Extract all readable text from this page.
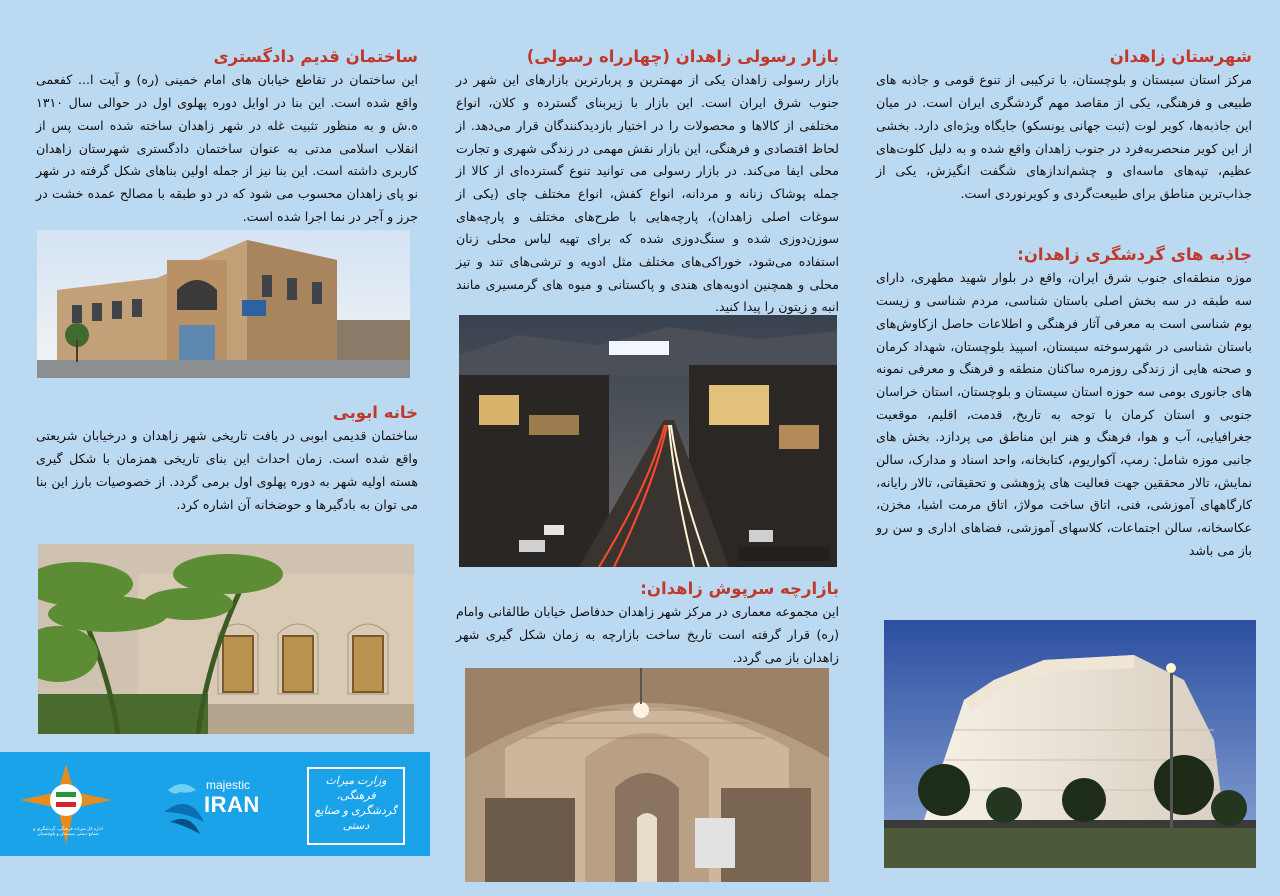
شهرستان زاهدان

مرکز استان سیستان و بلوچستان، با ترکیبی از تنوع قومی و جاذبه های طبیعی و فرهنگی، یکی از مقاصد مهم گردشگری ایران است. در میان این جاذبه‌ها، کویر لوت (ثبت جهانی یونسکو) جایگاه ویژه‌ای دارد. بخشی از این کویر منحصربه‌فرد در جنوب زاهدان واقع شده و به دلیل کلوت‌های عظیم، تپه‌های ماسه‌ای و چشم‌اندازهای شگفت انگیزش، یکی از جذاب‌ترین مناطق برای طبیعت‌گردی و کویرنوردی است.

جاذبه های گردشگری زاهدان:

موزه منطقه‌ای جنوب شرق ایران، واقع در بلوار شهید مطهری، دارای سه طبقه در سه بخش اصلی باستان شناسی، مردم شناسی و زیست بوم شناسی است به معرفی آثار فرهنگی و اطلاعات حاصل ازکاوش‌های باستان شناسی در شهرسوخته سیستان، اسپیذ بلوچستان، شهداد کرمان و صحنه هایی از زندگی روزمره ساکنان منطقه و فرهنگ و معرفی نمونه های جانوری بومی سه حوزه استان سیستان و بلوچستان، استان خراسان جنوبی و استان کرمان با توجه به تاریخ، قدمت، اقلیم، موقعیت جغرافیایی، آب و هوا، فرهنگ و هنر این مناطق می پردازد. بخش های جانبی موزه شامل: رمپ، آکواریوم، کتابخانه، واحد اسناد و مدارک، سالن نمایش، تالار محققین جهت فعالیت های پژوهشی و تحقیقاتی، تالار رایانه، کارگاههای آموزشی، فنی، اتاق ساخت مولاژ، اتاق مرمت اشیا، مخزن، عکاسخانه، سالن اجتماعات، کلاسهای آموزشی، فضاهای اداری و سن رو باز می باشد

بازار رسولی زاهدان (چهارراه رسولی)

بازار رسولی زاهدان یکی از مهمترین و پربارترین بازارهای این شهر در جنوب شرق ایران است. این بازار با زیربنای گسترده و کلان، انواع مختلفی از کالاها و محصولات را در اختیار بازدیدکنندگان قرار می‌دهد. از لحاظ اقتصادی و فرهنگی، این بازار نقش مهمی در زندگی شهری و تجارت محلی ایفا می‌کند. در بازار رسولی می توانید تنوع گسترده‌ای از کالا از جمله پوشاک زنانه و مردانه، انواع کفش، انواع مختلف چای (یکی از سوغات اصلی زاهدان)، پارچه‌هایی با طرح‌های مختلف و پارچه‌های سوزن‌دوزی شده و سنگ‌دوزی شده که برای تهیه لباس محلی زنان استفاده می‌شود، خوراکی‌های مختلف مثل ادویه و ترشی‌های تند و تیز محلی و همچنین ادویه‌های هندی و پاکستانی و میوه های گرمسیری مانند انبه و زیتون را پیدا کنید.

بازارچه سرپوش زاهدان:

این مجموعه معماری در مرکز شهر زاهدان حدفاصل خیابان طالقانی وامام (ره) قرار گرفته است تاریخ ساخت بازارچه به زمان شکل گیری شهر زاهدان باز می گردد.

ساختمان قدیم دادگستری

این ساختمان در تقاطع خیابان های امام خمینی (ره) و آیت ا... کفعمی واقع شده است. این بنا در اوایل دوره پهلوی اول در حوالی سال ۱۳۱۰ ه.ش و به منظور تثبیت غله در شهر زاهدان ساخته شده است پس از انقلاب اسلامی مدتی به عنوان ساختمان دادگستری شهرستان زاهدان کاربری داشته است. این بنا نیز از جمله اولین بناهای شکل گرفته در شهر نو پای زاهدان محسوب می شود که در دو طبقه با مصالح عمده خشت در جرز و آجر در نما اجرا شده است.

خانه ابوبی

ساختمان قدیمی ابوبی در بافت تاریخی شهر زاهدان و درخیابان شریعتی واقع شده است. زمان احداث این بنای تاریخی همزمان با شکل گیری هسته اولیه شهر به دوره پهلوی اول برمی گردد. از خصوصیات بارز این بنا می توان به بادگیرها و حوضخانه آن اشاره کرد.

اداره کل میراث فرهنگی، گردشگری و صنایع دستی سیستان و بلوچستان
majestic
IRAN
وزارت میراث فرهنگی، گردشگری و صنایع دستی
